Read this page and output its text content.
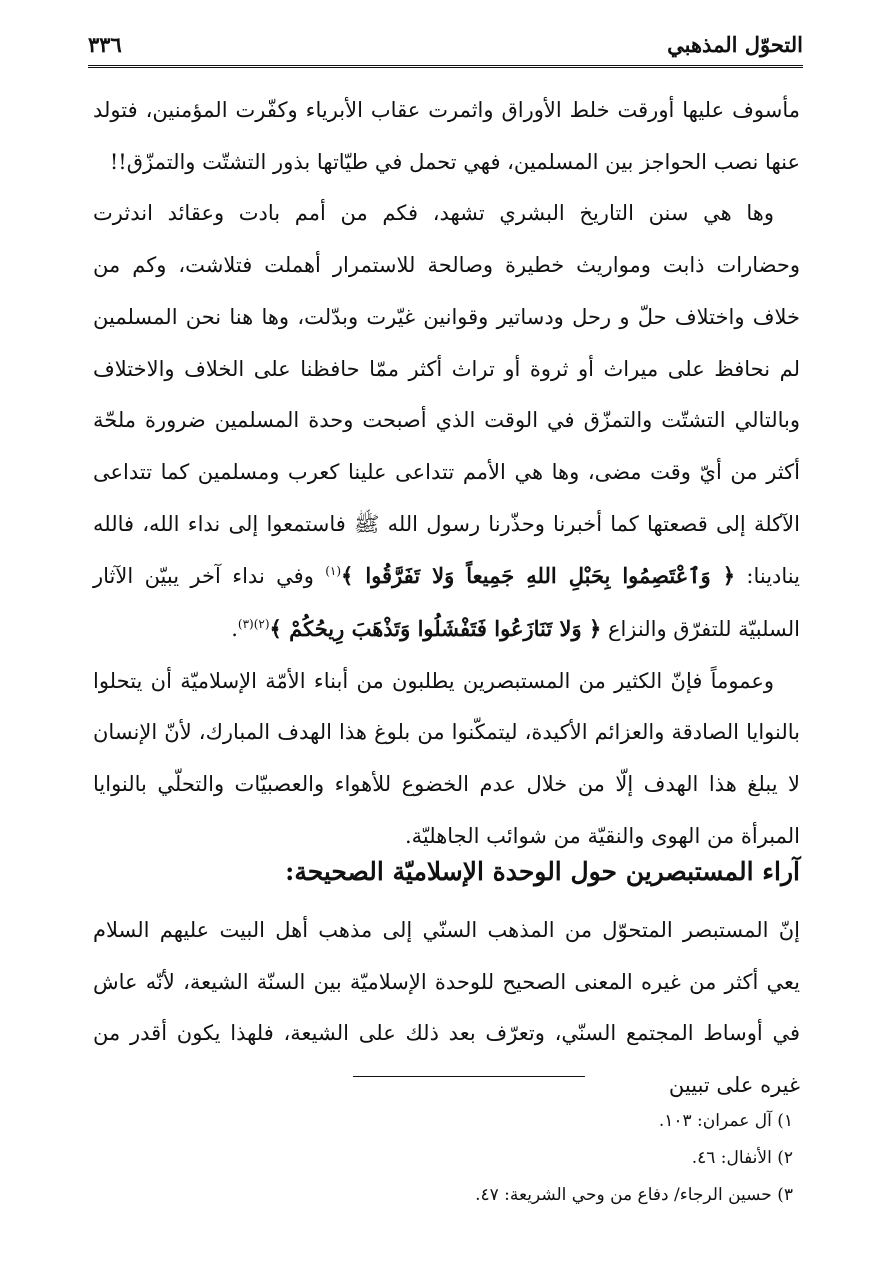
التحوّل المذهبي
٣٣٦

مأسوف عليها أورقت خلط الأوراق واثمرت عقاب الأبرياء وكفّرت المؤمنين، فتولد عنها نصب الحواجز بين المسلمين، فهي تحمل في طيّاتها بذور التشتّت والتمزّق!!

وها هي سنن التاريخ البشري تشهد، فكم من أمم بادت وعقائد اندثرت وحضارات ذابت ومواريث خطيرة وصالحة للاستمرار أهملت فتلاشت، وكم من خلاف واختلاف حلّ و رحل ودساتير وقوانين غيّرت وبدّلت، وها هنا نحن المسلمين لم نحافظ على ميراث أو ثروة أو تراث أكثر ممّا حافظنا على الخلاف والاختلاف وبالتالي التشتّت والتمزّق في الوقت الذي أصبحت وحدة المسلمين ضرورة ملحّة أكثر من أيّ وقت مضى، وها هي الأمم تتداعى علينا كعرب ومسلمين كما تتداعى الآكلة إلى قصعتها كما أخبرنا وحذّرنا رسول الله ﷺ فاستمعوا إلى نداء الله، فالله ينادينا: ﴿ وَٱعْتَصِمُوا بِحَبْلِ اللهِ جَمِيعاً وَلا تَفَرَّقُوا ﴾$^{(١)}$ وفي نداء آخر يبيّن الآثار السلبيّة للتفرّق والنزاع ﴿ وَلا تَنَازَعُوا فَتَفْشَلُوا وَتَذْهَبَ رِيحُكُمْ ﴾$^{(٢)(٣)}$.

وعموماً فإنّ الكثير من المستبصرين يطلبون من أبناء الأمّة الإسلاميّة أن يتحلوا بالنوايا الصادقة والعزائم الأكيدة، ليتمكّنوا من بلوغ هذا الهدف المبارك، لأنّ الإنسان لا يبلغ هذا الهدف إلّا من خلال عدم الخضوع للأهواء والعصبيّات والتحلّي بالنوايا المبرأة من الهوى والنقيّة من شوائب الجاهليّة.

آراء المستبصرين حول الوحدة الإسلاميّة الصحيحة:

إنّ المستبصر المتحوّل من المذهب السنّي إلى مذهب أهل البيت عليهم السلام يعي أكثر من غيره المعنى الصحيح للوحدة الإسلاميّة بين السنّة الشيعة، لأنّه عاش في أوساط المجتمع السنّي، وتعرّف بعد ذلك على الشيعة، فلهذا يكون أقدر من غيره على تبيين

١) آل عمران: ١٠٣.
٢) الأنفال: ٤٦.
٣) حسين الرجاء/ دفاع من وحي الشريعة: ٤٧.
